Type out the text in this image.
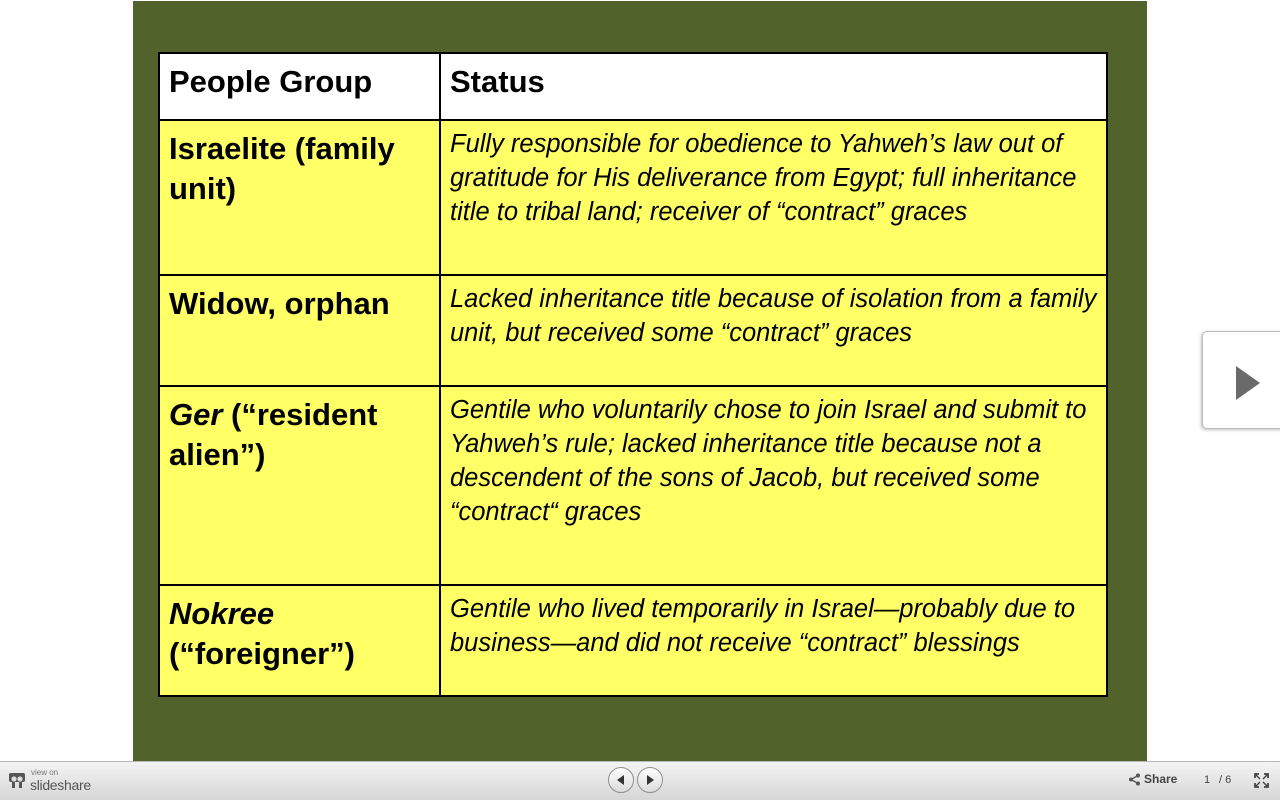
People Group	Status
Israelite (family unit)	Fully responsible for obedience to Yahweh’s law out of gratitude for His deliverance from Egypt; full inheritance title to tribal land; receiver of “contract” graces
Widow, orphan	Lacked inheritance title because of isolation from a family unit, but received some “contract” graces
Ger (“resident alien”)	Gentile who voluntarily chose to join Israel and submit to Yahweh’s rule; lacked inheritance title because not a descendent of the sons of Jacob, but received some “contract“ graces
Nokree (“foreigner”)	Gentile who lived temporarily in Israel—probably due to business—and did not receive “contract” blessings
view on
slideshare	Share 1 / 6
